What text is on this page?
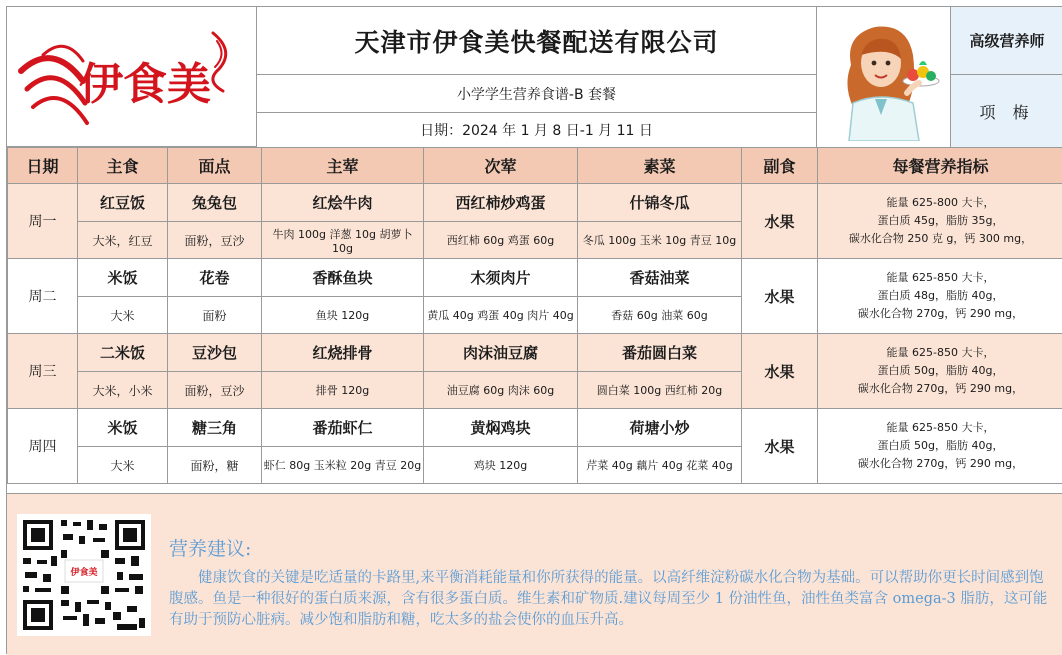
伊食美
天津市伊食美快餐配送有限公司
小学学生营养食谱-B 套餐
日期：2024 年 1 月 8 日-1 月 11 日
高级营养师
项 梅
日期	主食	面点	主荤	次荤	素菜	副食	每餐营养指标
周一	红豆饭	兔兔包	红烩牛肉	西红柿炒鸡蛋	什锦冬瓜	水果	能量 625-800 大卡，
蛋白质 45g，脂肪 35g，
碳水化合物 250 克 g，钙 300 mg，

	大米，红豆	面粉，豆沙	牛肉 100g 洋葱 10g 胡萝卜 10g	西红柿 60g 鸡蛋 60g	冬瓜 100g 玉米 10g 青豆 10g		
周二	米饭	花卷	香酥鱼块	木须肉片	香菇油菜	水果	能量 625-850 大卡，
蛋白质 48g，脂肪 40g，
碳水化合物 270g，钙 290 mg，

	大米	面粉	鱼块 120g	黄瓜 40g 鸡蛋 40g 肉片 40g	香菇 60g 油菜 60g		
周三	二米饭	豆沙包	红烧排骨	肉沫油豆腐	番茄圆白菜	水果	能量 625-850 大卡，
蛋白质 50g，脂肪 40g，
碳水化合物 270g，钙 290 mg，

	大米，小米	面粉，豆沙	排骨 120g	油豆腐 60g 肉沫 60g	圆白菜 100g 西红柿 20g		
周四	米饭	糖三角	番茄虾仁	黄焖鸡块	荷塘小炒	水果	能量 625-850 大卡，
蛋白质 50g，脂肪 40g，
碳水化合物 270g，钙 290 mg，

	大米	面粉，糖	虾仁 80g 玉米粒 20g 青豆 20g	鸡块 120g	芹菜 40g 藕片 40g 花菜 40g		
伊食美
营养建议:
健康饮食的关键是吃适量的卡路里,来平衡消耗能量和你所获得的能量。以高纤维淀粉碳水化合物为基础。可以帮助你更长时间感到饱腹感。鱼是一种很好的蛋白质来源，含有很多蛋白质。维生素和矿物质.建议每周至少 1 份油性鱼，油性鱼类富含 omega-3 脂肪，这可能有助于预防心脏病。减少饱和脂肪和糖，吃太多的盐会使你的血压升高。
